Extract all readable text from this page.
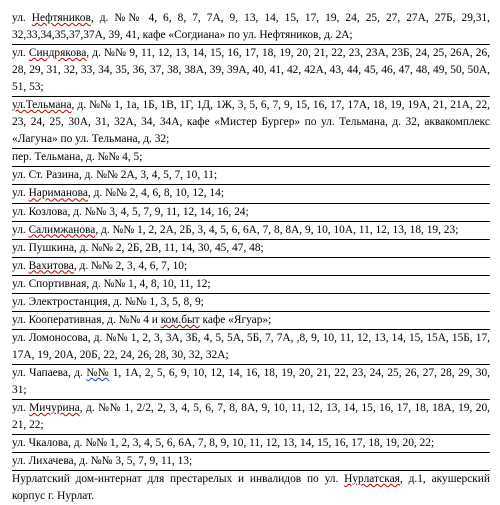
ул. Нефтяников, д. №№ 4, 6, 8, 7, 7А, 9, 13, 14, 15, 17, 19, 24, 25, 27, 27А, 27Б, 29,31, 32,33,34,35,37,37А, 39, 41, кафе «Согдиана» по ул. Нефтяников, д. 2А;

ул. Синдрякова, д. №№ 9, 11, 12, 13, 14, 15, 16, 17, 18, 19, 20, 21, 22, 23, 23А, 23Б, 24, 25, 26А, 26, 28, 29, 31, 32, 33, 34, 35, 36, 37, 38, 38А, 39, 39А, 40, 41, 42, 42А, 43, 44, 45, 46, 47, 48, 49, 50, 50А, 51, 53;

ул.Тельмана, д. №№ 1, 1а, 1Б, 1В, 1Г, 1Д, 1Ж, 3, 5, 6, 7, 9, 15, 16, 17, 17А, 18, 19, 19А, 21, 21А, 22, 23, 24, 25, 30А, 31, 32А, 34, 34А, кафе «Мистер Бургер» по ул. Тельмана, д. 32, аквакомплекс «Лагуна» по ул. Тельмана, д. 32;

пер. Тельмана, д. №№ 4, 5;

ул. Ст. Разина, д. №№ 2А, 3, 4, 5, 7, 10, 11;

ул. Нариманова, д. №№ 2, 4, 6, 8, 10, 12, 14;

ул. Козлова, д. №№ 3, 4, 5, 7, 9, 11, 12, 14, 16, 24;

ул. Салимжанова, д. №№ 1, 2, 2А, 2Б, 3, 4, 5, 6, 6А, 7, 8, 8А, 9, 10, 10А, 11, 12, 13, 18, 19, 23;

ул. Пушкина, д. №№ 2, 2Б, 2В, 11, 14, 30, 45, 47, 48;

ул. Вахитова, д. №№ 2, 3, 4, 6, 7, 10;

ул. Спортивная, д. №№ 1, 4, 8, 10, 11, 12;

ул. Электростанция, д. №№ 1, 3, 5, 8, 9;

ул. Кооперативная, д. №№ 4 и ком.быт кафе «Ягуар»;

ул. Ломоносова, д. №№ 1, 2, 3, 3А, 3Б, 4, 5, 5А, 5Б, 7, 7А, ,8, 9, 10, 11, 12, 13, 14, 15, 15А, 15Б, 17, 17А, 19, 20А, 20Б, 22, 24, 26, 28, 30, 32, 32А;

ул. Чапаева, д. №№ 1, 1А, 2, 5, 6, 9, 10, 12, 14, 16, 18, 19, 20, 21, 22, 23, 24, 25, 26, 27, 28, 29, 30, 31;

ул. Мичурина, д. №№ 1, 2/2, 2, 3, 4, 5, 6, 7, 8, 8А, 9, 10, 11, 12, 13, 14, 15, 16, 17, 18, 18А, 19, 20, 21, 22;

ул. Чкалова, д. №№ 1, 2, 3, 4, 5, 6, 6А, 7, 8, 9, 10, 11, 12, 13, 14, 15, 16, 17, 18, 19, 20, 22;

ул. Лихачева, д. №№ 3, 5, 7, 9, 11, 13;

Нурлатский дом-интернат для престарелых и инвалидов по ул. Нурлатская, д.1, акушерский корпус г. Нурлат.
